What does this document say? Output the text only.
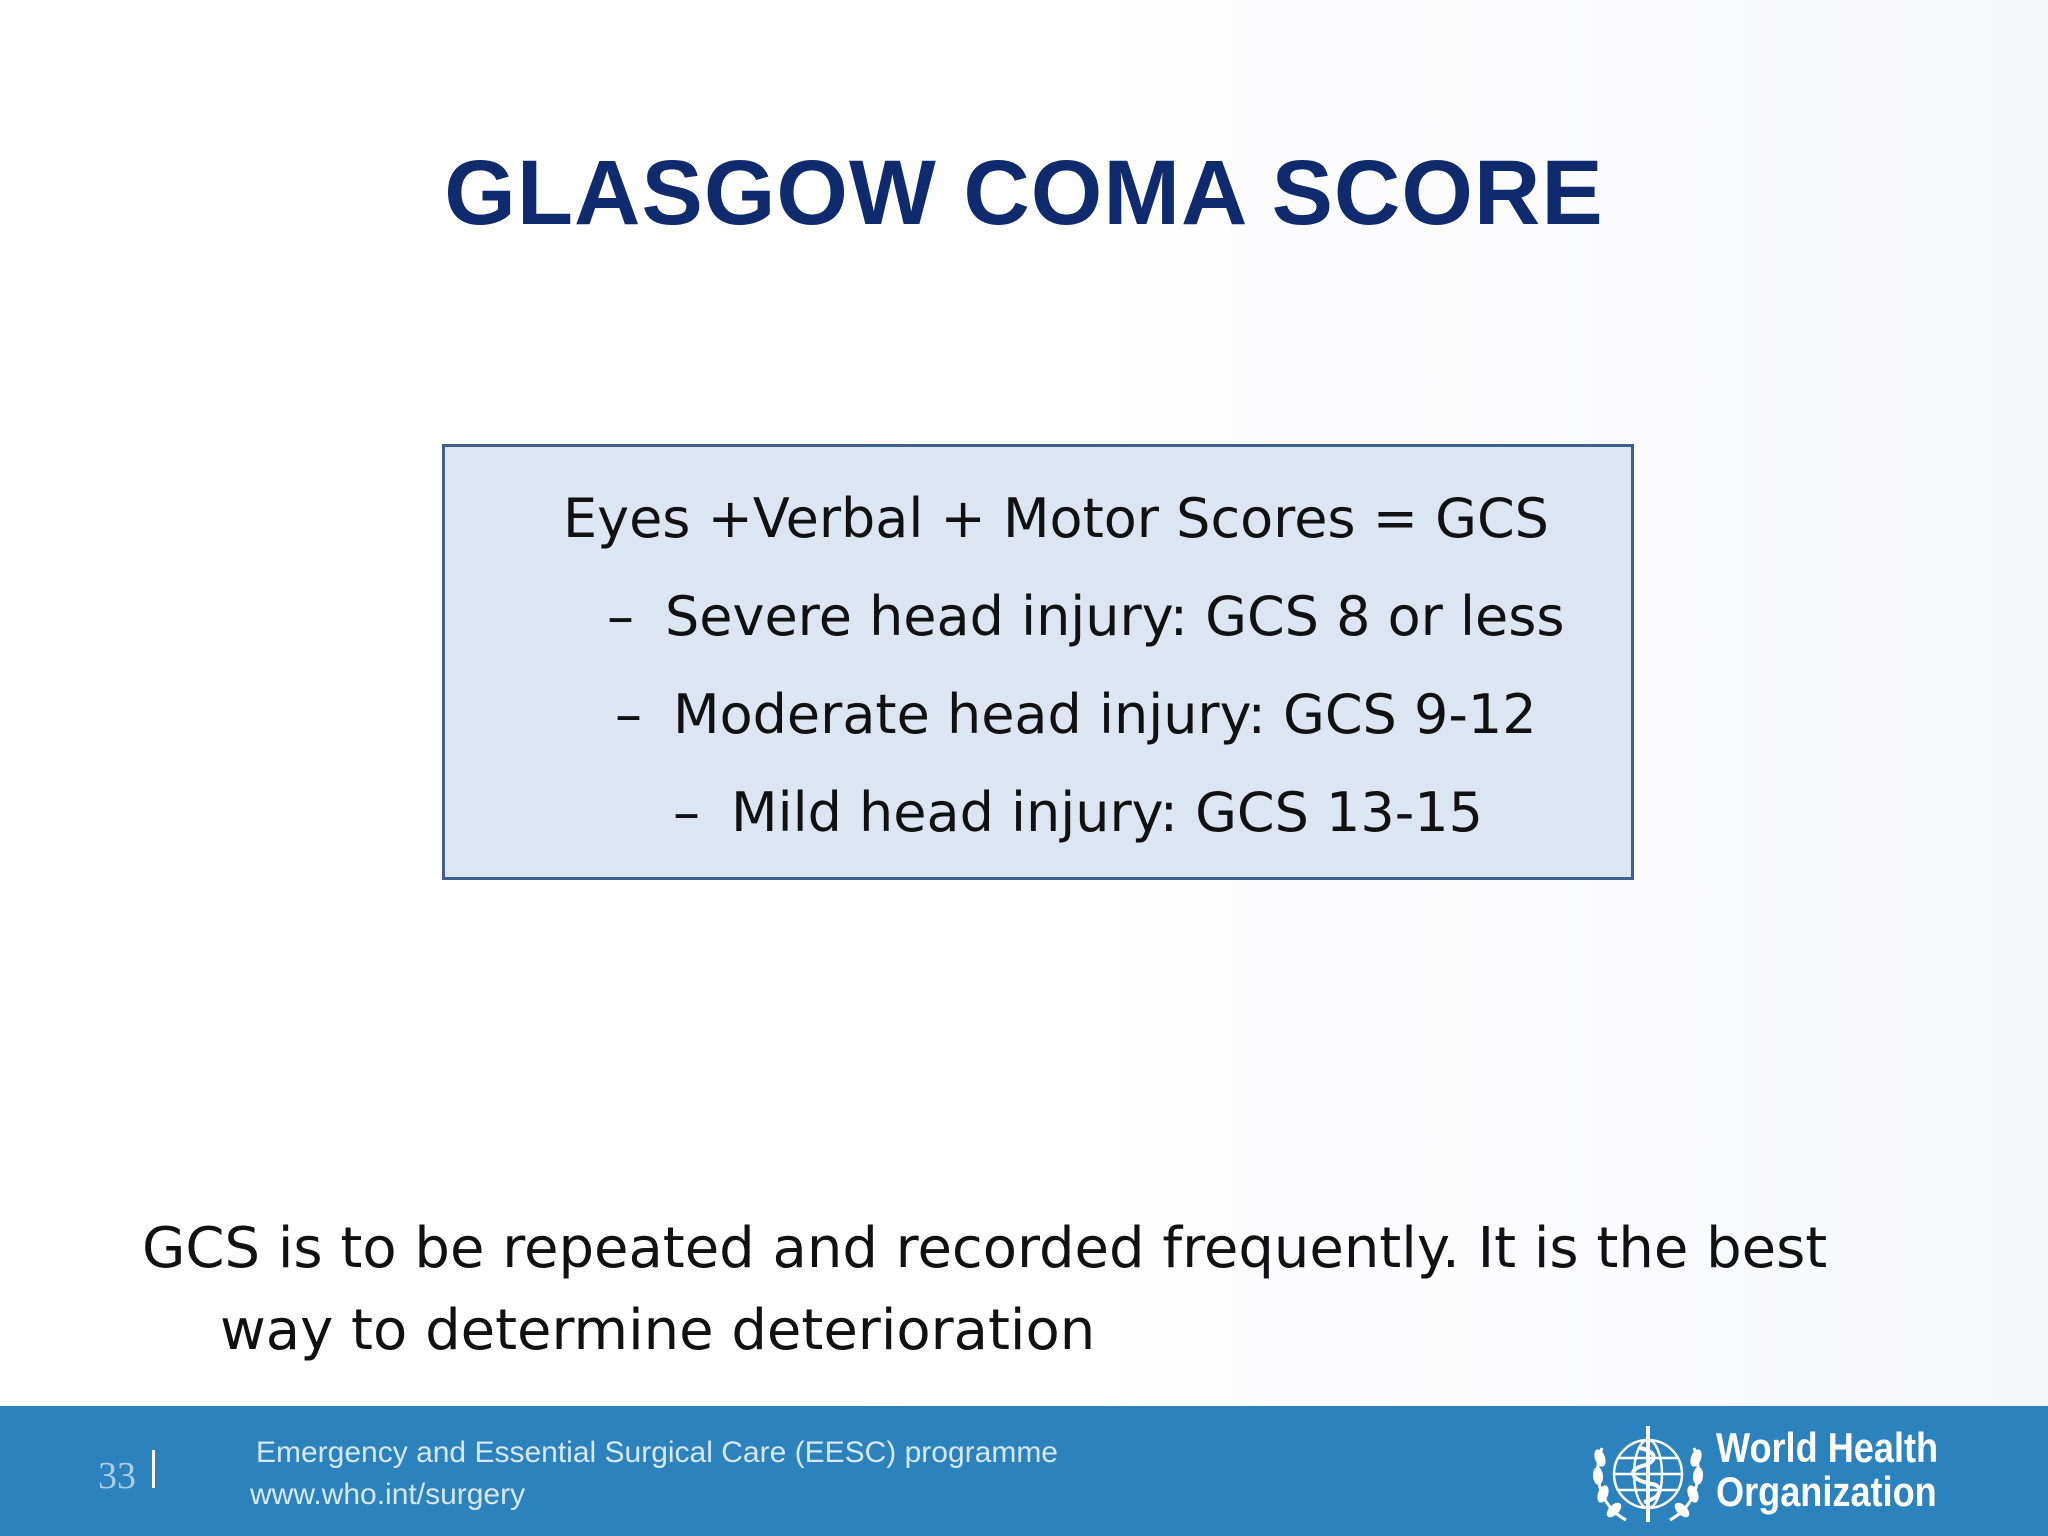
GLASGOW COMA SCORE
Eyes +Verbal + Motor Scores = GCS
– Severe head injury: GCS 8 or less
– Moderate head injury: GCS 9-12
– Mild head injury: GCS 13-15
GCS is to be repeated and recorded frequently. It is the best way to determine deterioration
33
Emergency and Essential Surgical Care (EESC) programme
www.who.int/surgery
World Health
Organization
